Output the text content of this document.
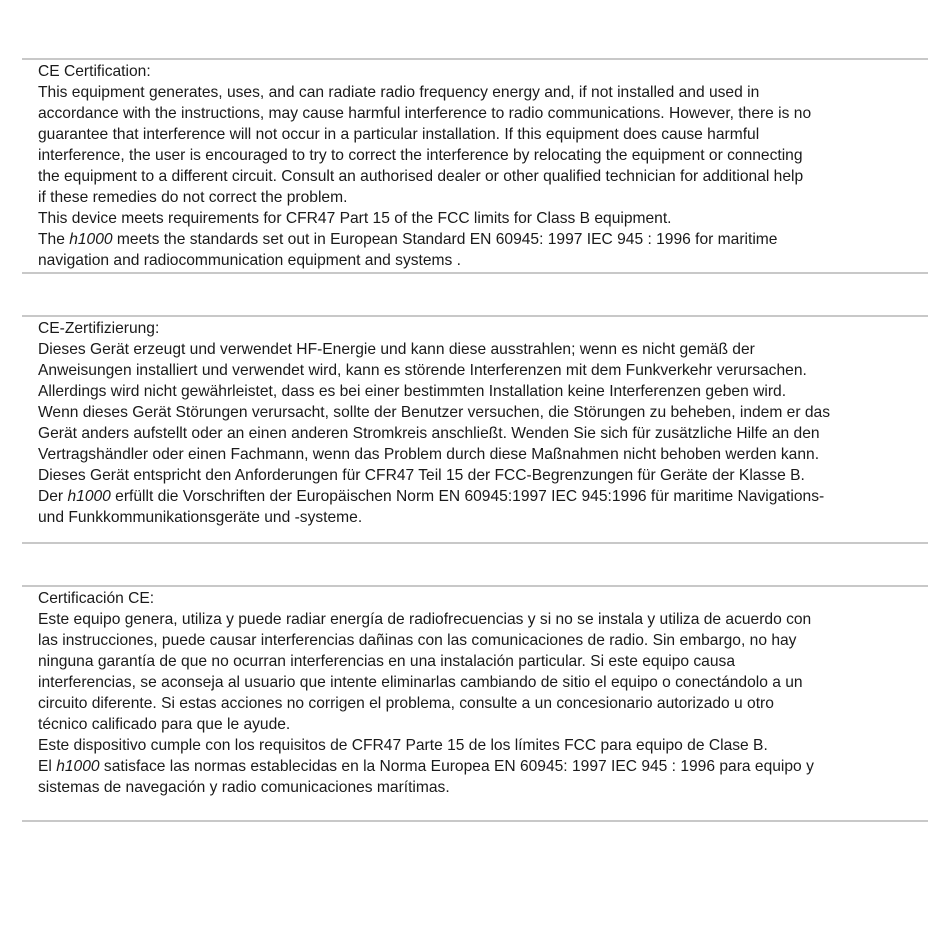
CE Certification:

This equipment generates, uses, and can radiate radio frequency energy and, if not installed and used in

accordance with the instructions, may cause harmful interference to radio communications. However, there is no

guarantee that interference will not occur in a particular installation. If this equipment does cause harmful

interference, the user is encouraged to try to correct the interference by relocating the equipment or connecting

the equipment to a different circuit. Consult an authorised dealer or other qualified technician for additional help

if these remedies do not correct the problem.

This device meets requirements for CFR47 Part 15 of the FCC limits for Class B equipment.

The h1000 meets the standards set out in European Standard EN 60945: 1997 IEC 945 : 1996 for maritime

navigation and radiocommunication equipment and systems .

CE-Zertifizierung:

Dieses Gerät erzeugt und verwendet HF-Energie und kann diese ausstrahlen; wenn es nicht gemäß der

Anweisungen installiert und verwendet wird, kann es störende Interferenzen mit dem Funkverkehr verursachen.

Allerdings wird nicht gewährleistet, dass es bei einer bestimmten Installation keine Interferenzen geben wird.

Wenn dieses Gerät Störungen verursacht, sollte der Benutzer versuchen, die Störungen zu beheben, indem er das

Gerät anders aufstellt oder an einen anderen Stromkreis anschließt. Wenden Sie sich für zusätzliche Hilfe an den

Vertragshändler oder einen Fachmann, wenn das Problem durch diese Maßnahmen nicht behoben werden kann.

Dieses Gerät entspricht den Anforderungen für CFR47 Teil 15 der FCC-Begrenzungen für Geräte der Klasse B.

Der h1000 erfüllt die Vorschriften der Europäischen Norm EN 60945:1997 IEC 945:1996 für maritime Navigations-

und Funkkommunikationsgeräte und -systeme.

Certificación CE:

Este equipo genera, utiliza y puede radiar energía de radiofrecuencias y si no se instala y utiliza de acuerdo con

las instrucciones, puede causar interferencias dañinas con las comunicaciones de radio. Sin embargo, no hay

ninguna garantía de que no ocurran interferencias en una instalación particular. Si este equipo causa

interferencias, se aconseja al usuario que intente eliminarlas cambiando de sitio el equipo o conectándolo a un

circuito diferente. Si estas acciones no corrigen el problema, consulte a un concesionario autorizado u otro

técnico calificado para que le ayude.

Este dispositivo cumple con los requisitos de CFR47 Parte 15 de los límites FCC para equipo de Clase B.

El h1000 satisface las normas establecidas en la Norma Europea EN 60945: 1997 IEC 945 : 1996 para equipo y

sistemas de navegación y radio comunicaciones marítimas.
